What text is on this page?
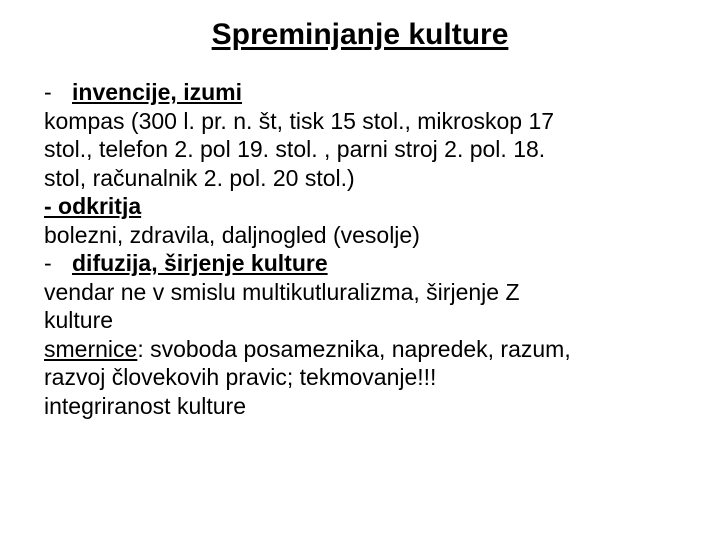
Spreminjanje kulture
- invencije, izumi
kompas (300 l. pr. n. št, tisk 15 stol., mikroskop 17
stol., telefon 2. pol 19. stol. , parni stroj 2. pol. 18.
stol, računalnik 2. pol. 20 stol.)
- odkritja
bolezni, zdravila, daljnogled (vesolje)
- difuzija, širjenje kulture
vendar ne v smislu multikutluralizma, širjenje Z
kulture
smernice: svoboda posameznika, napredek, razum,
razvoj človekovih pravic; tekmovanje!!!
integriranost kulture
